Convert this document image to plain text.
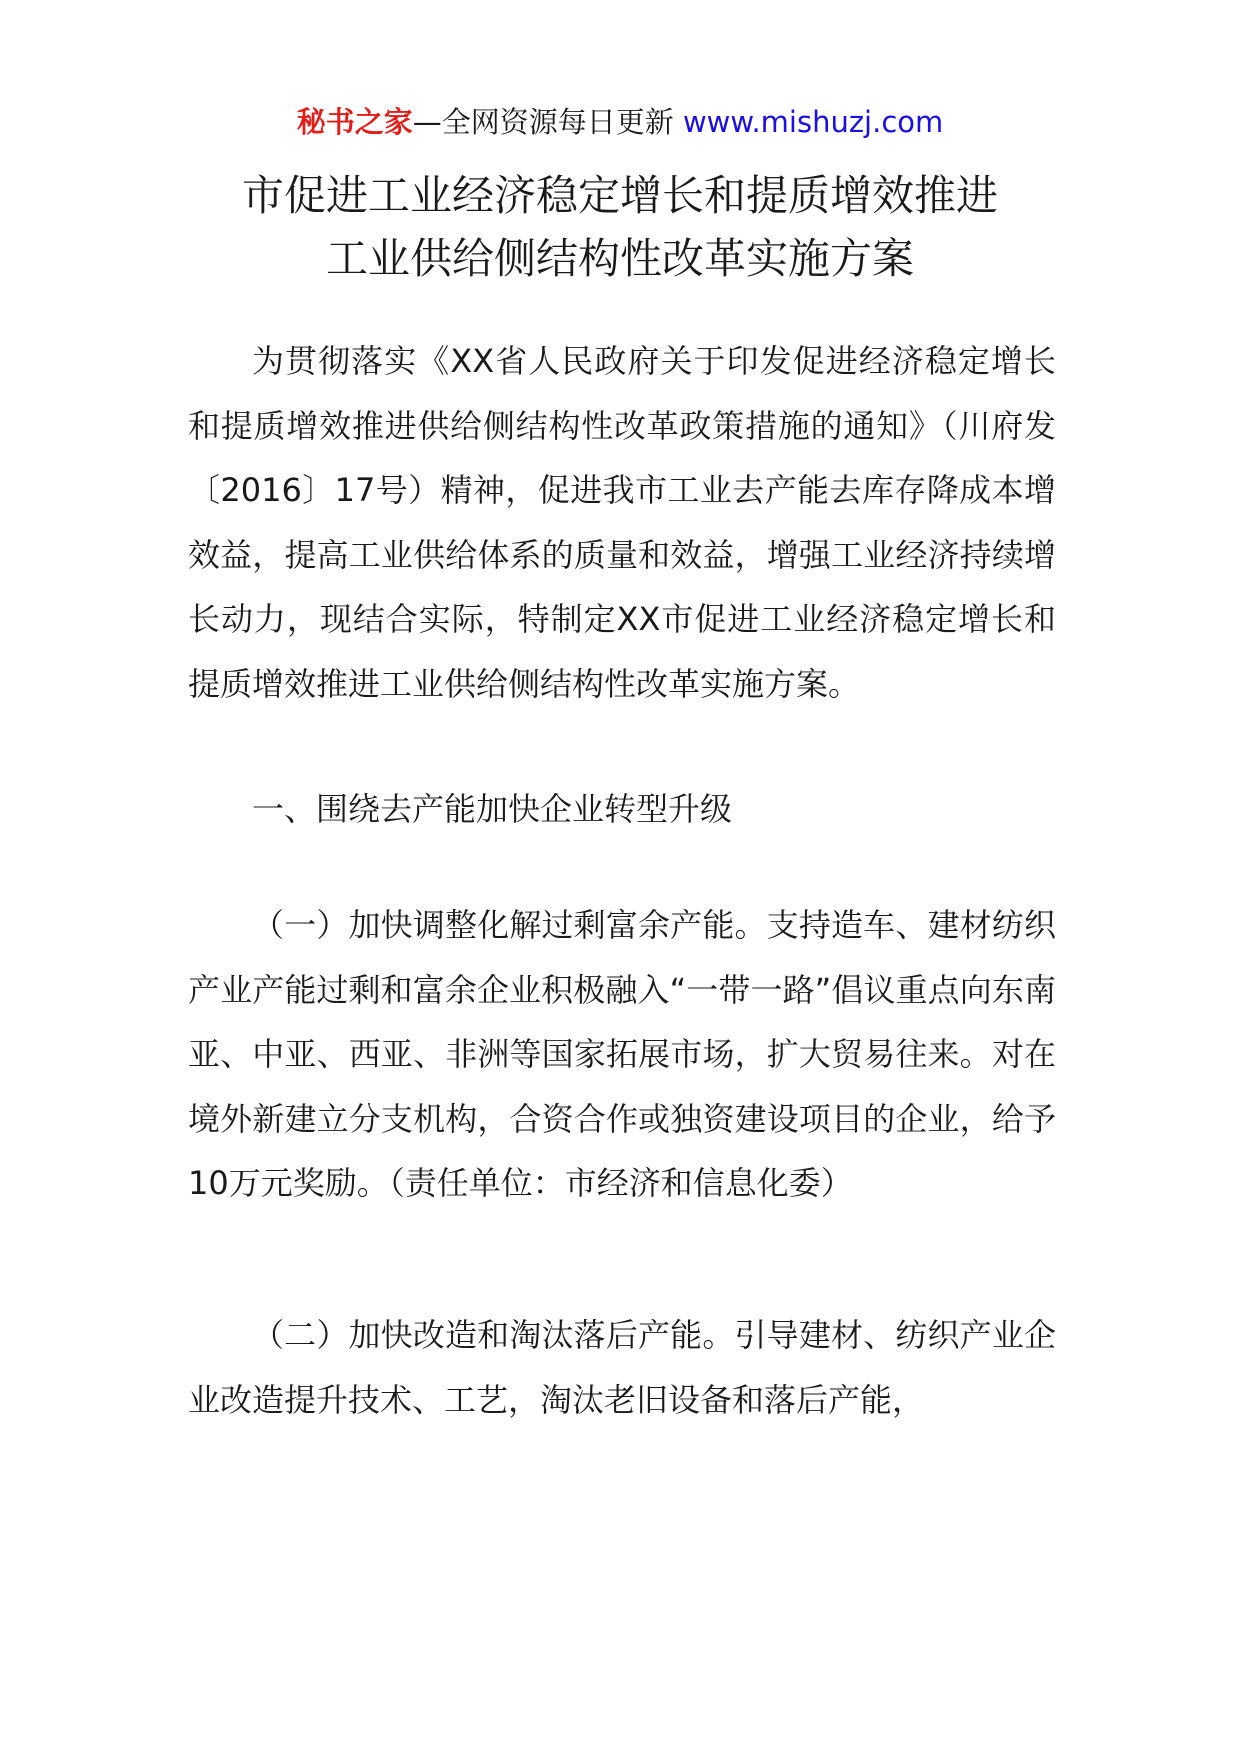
秘书之家—全网资源每日更新 www.mishuzj.com
市促进工业经济稳定增长和提质增效推进
工业供给侧结构性改革实施方案

为贯彻落实《XX省人民政府关于印发促进经济稳定增长和提质增效推进供给侧结构性改革政策措施的通知》（川府发〔2016〕17号）精神，促进我市工业去产能去库存降成本增效益，提高工业供给体系的质量和效益，增强工业经济持续增长动力，现结合实际，特制定XX市促进工业经济稳定增长和提质增效推进工业供给侧结构性改革实施方案。

一、围绕去产能加快企业转型升级

（一）加快调整化解过剩富余产能。支持造车、建材纺织产业产能过剩和富余企业积极融入“一带一路”倡议重点向东南亚、中亚、西亚、非洲等国家拓展市场，扩大贸易往来。对在境外新建立分支机构，合资合作或独资建设项目的企业，给予10万元奖励。（责任单位：市经济和信息化委）

（二）加快改造和淘汰落后产能。引导建材、纺织产业企业改造提升技术、工艺，淘汰老旧设备和落后产能，
